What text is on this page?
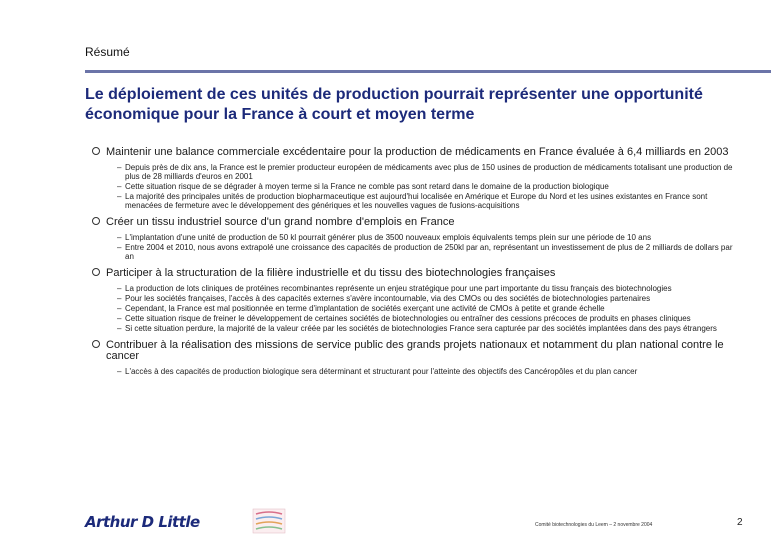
Résumé
Le déploiement de ces unités de production pourrait représenter une opportunité économique pour la France à court et moyen terme
Maintenir une balance commerciale excédentaire pour la production de médicaments en France évaluée à 6,4 milliards en 2003
– Depuis près de dix ans, la France est le premier producteur européen de médicaments avec plus de 150 usines de production de médicaments totalisant une production de plus de 28 milliards d'euros en 2001
– Cette situation risque de se dégrader à moyen terme si la France ne comble pas sont retard dans le domaine de la production biologique
– La majorité des principales unités de production biopharmaceutique est aujourd'hui localisée en Amérique et Europe du Nord et les usines existantes en France sont menacées de fermeture avec le développement des génériques et les nouvelles vagues de fusions-acquisitions
Créer un tissu industriel source d'un grand nombre d'emplois en France
– L'implantation d'une unité de production de 50 kl pourrait générer plus de 3500 nouveaux emplois équivalents temps plein sur une période de 10 ans
– Entre 2004 et 2010, nous avons extrapolé une croissance des capacités de production de 250kl par an, représentant un investissement de plus de 2 milliards de dollars par an
Participer à la structuration de la filière industrielle et du tissu des biotechnologies françaises
– La production de lots cliniques de protéines recombinantes représente un enjeu stratégique pour une part importante du tissu français des biotechnologies
– Pour les sociétés françaises, l'accès à des capacités externes s'avère incontournable, via des CMOs ou des sociétés de biotechnologies partenaires
– Cependant, la France est mal positionnée en terme d'implantation de sociétés exerçant une activité de CMOs à petite et grande échelle
– Cette situation risque de freiner le développement de certaines sociétés de biotechnologies ou entraîner des cessions précoces de produits en phases cliniques
– Si cette situation perdure, la majorité de la valeur créée par les sociétés de biotechnologies France sera capturée par des sociétés implantées dans des pays étrangers
Contribuer à la réalisation des missions de service public des grands projets nationaux et notamment du plan national contre le cancer
– L'accès à des capacités de production biologique sera déterminant et structurant pour l'atteinte des objectifs des Cancéropôles et du plan cancer
Arthur D Little	Comité biotechnologies du Leem – 2 novembre 2004	2
